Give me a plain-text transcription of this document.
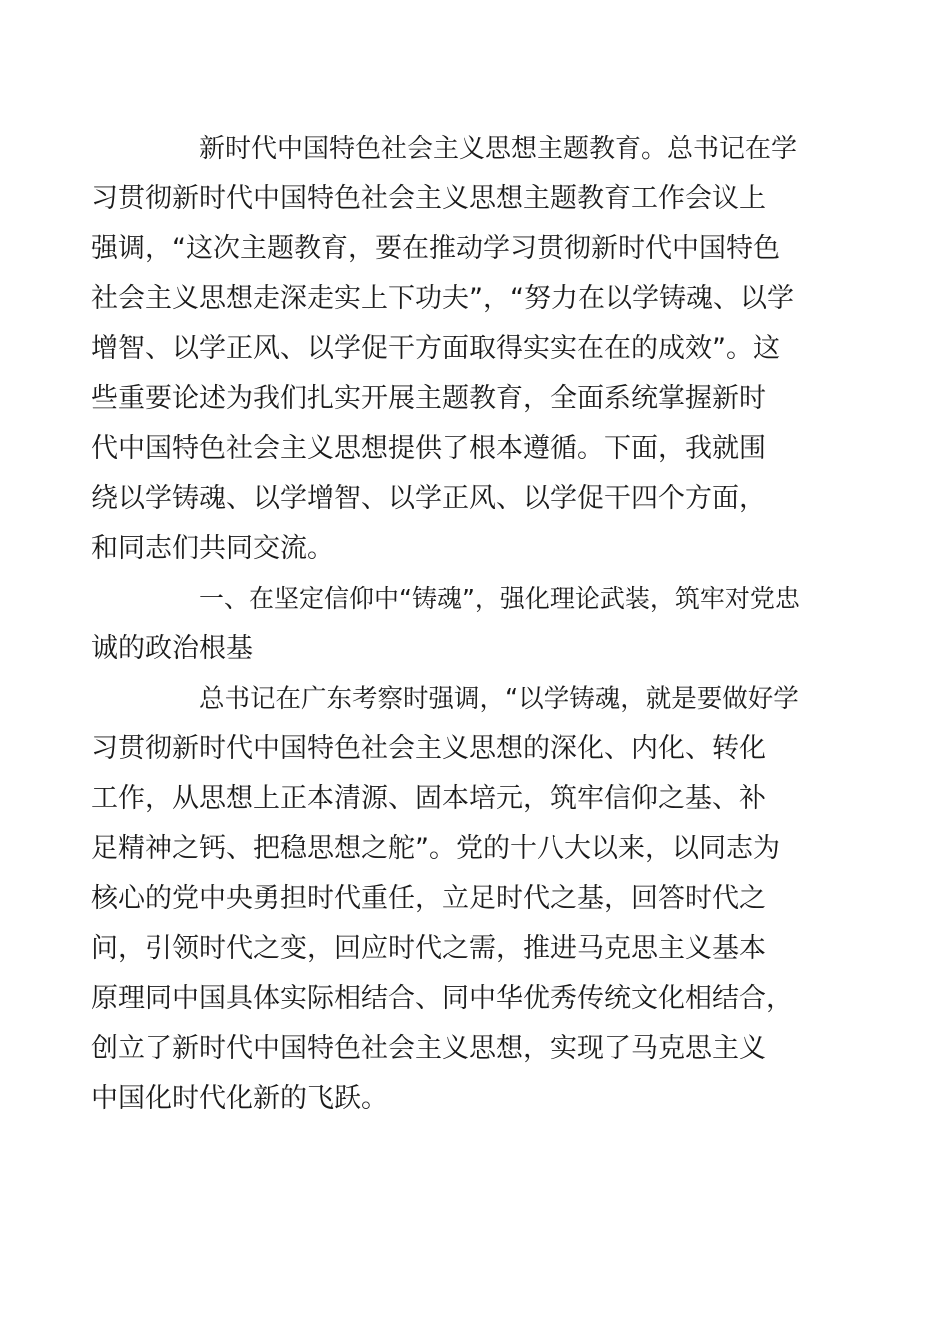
新时代中国特色社会主义思想主题教育。总书记在学
习贯彻新时代中国特色社会主义思想主题教育工作会议上
强调，“这次主题教育，要在推动学习贯彻新时代中国特色
社会主义思想走深走实上下功夫”，“努力在以学铸魂、以学
增智、以学正风、以学促干方面取得实实在在的成效”。这
些重要论述为我们扎实开展主题教育，全面系统掌握新时
代中国特色社会主义思想提供了根本遵循。下面，我就围
绕以学铸魂、以学增智、以学正风、以学促干四个方面，
和同志们共同交流。
一、在坚定信仰中“铸魂”，强化理论武装，筑牢对党忠
诚的政治根基
总书记在广东考察时强调，“以学铸魂，就是要做好学
习贯彻新时代中国特色社会主义思想的深化、内化、转化
工作，从思想上正本清源、固本培元，筑牢信仰之基、补
足精神之钙、把稳思想之舵”。党的十八大以来，以同志为
核心的党中央勇担时代重任，立足时代之基，回答时代之
问，引领时代之变，回应时代之需，推进马克思主义基本
原理同中国具体实际相结合、同中华优秀传统文化相结合，
创立了新时代中国特色社会主义思想，实现了马克思主义
中国化时代化新的飞跃。
